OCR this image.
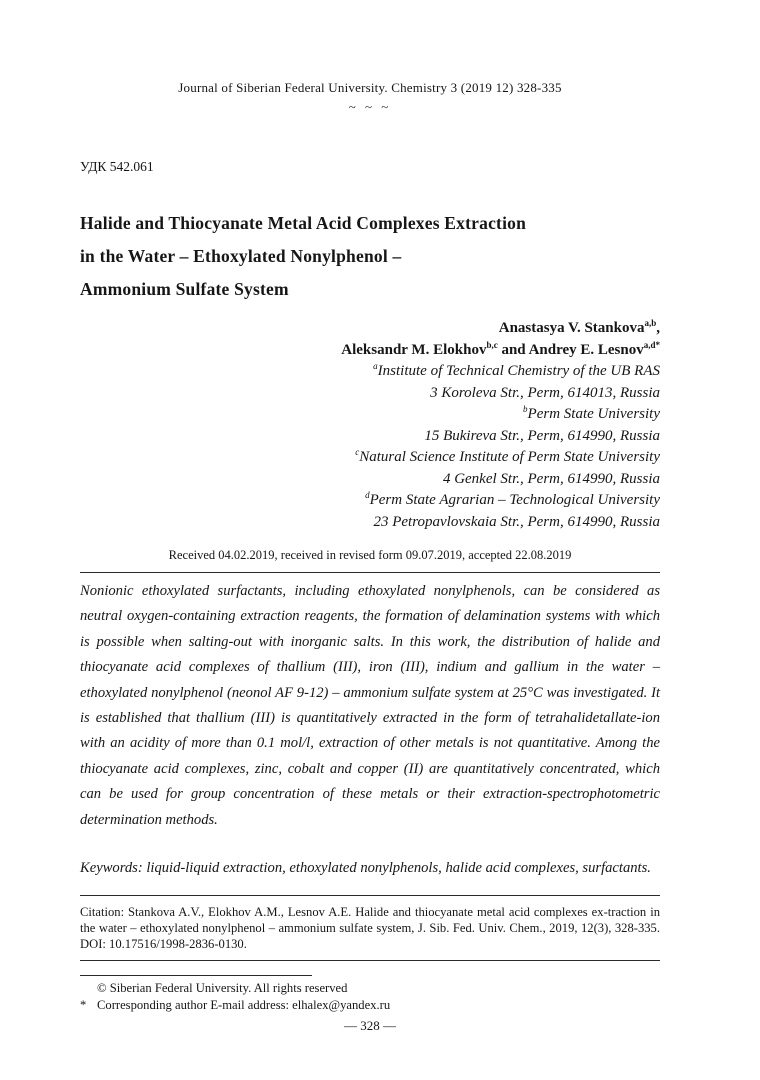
Journal of Siberian Federal University. Chemistry 3 (2019 12) 328-335
~ ~ ~
УДК 542.061
Halide and Thiocyanate Metal Acid Complexes Extraction
in the Water – Ethoxylated Nonylphenol –
Ammonium Sulfate System
Anastasya V. Stankova$^{a,b}$,
Aleksandr M. Elokhov$^{b,c}$ and Andrey E. Lesnov$^{a,d*}$
$^a$Institute of Technical Chemistry of the UB RAS
3 Koroleva Str., Perm, 614013, Russia
$^b$Perm State University
15 Bukireva Str., Perm, 614990, Russia
$^c$Natural Science Institute of Perm State University
4 Genkel Str., Perm, 614990, Russia
$^d$Perm State Agrarian – Technological University
23 Petropavlovskaia Str., Perm, 614990, Russia
Received 04.02.2019, received in revised form 09.07.2019, accepted 22.08.2019
Nonionic ethoxylated surfactants, including ethoxylated nonylphenols, can be considered as neutral oxygen-containing extraction reagents, the formation of delamination systems with which is possible when salting-out with inorganic salts. In this work, the distribution of halide and thiocyanate acid complexes of thallium (III), iron (III), indium and gallium in the water – ethoxylated nonylphenol (neonol AF 9-12) – ammonium sulfate system at 25°C was investigated. It is established that thallium (III) is quantitatively extracted in the form of tetrahalidetallate-ion with an acidity of more than 0.1 mol/l, extraction of other metals is not quantitative. Among the thiocyanate acid complexes, zinc, cobalt and copper (II) are quantitatively concentrated, which can be used for group concentration of these metals or their extraction-spectrophotometric determination methods.
Keywords: liquid-liquid extraction, ethoxylated nonylphenols, halide acid complexes, surfactants.
Citation: Stankova A.V., Elokhov A.M., Lesnov A.E. Halide and thiocyanate metal acid complexes ex-traction in the water – ethoxylated nonylphenol – ammonium sulfate system, J. Sib. Fed. Univ. Chem., 2019, 12(3), 328-335. DOI: 10.17516/1998-2836-0130.
© Siberian Federal University. All rights reserved
* Corresponding author E-mail address: elhalex@yandex.ru
— 328 —
